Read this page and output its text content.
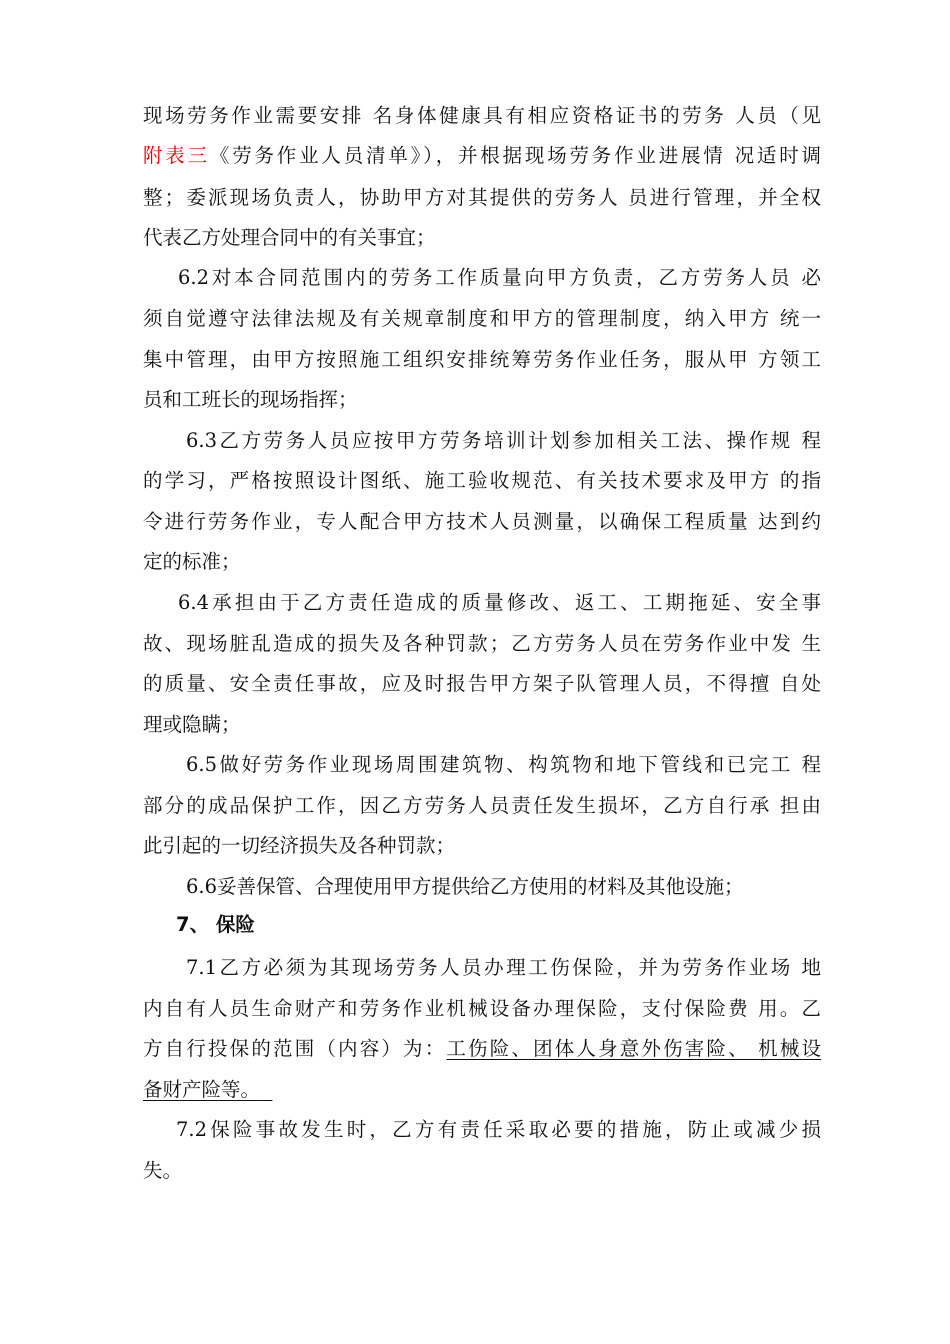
现场劳务作业需要安排 名身体健康具有相应资格证书的劳务 人员（见
附表三《劳务作业人员清单》），并根据现场劳务作业进展情 况适时调
整；委派现场负责人，协助甲方对其提供的劳务人 员进行管理，并全权
代表乙方处理合同中的有关事宜；
6.2对本合同范围内的劳务工作质量向甲方负责，乙方劳务人员 必
须自觉遵守法律法规及有关规章制度和甲方的管理制度，纳入甲方 统一
集中管理，由甲方按照施工组织安排统筹劳务作业任务，服从甲 方领工
员和工班长的现场指挥；
6.3乙方劳务人员应按甲方劳务培训计划参加相关工法、操作规 程
的学习，严格按照设计图纸、施工验收规范、有关技术要求及甲方 的指
令进行劳务作业，专人配合甲方技术人员测量，以确保工程质量 达到约
定的标准；
6.4承担由于乙方责任造成的质量修改、返工、工期拖延、安全事
故、现场脏乱造成的损失及各种罚款；乙方劳务人员在劳务作业中发 生
的质量、安全责任事故，应及时报告甲方架子队管理人员，不得擅 自处
理或隐瞒；
6.5做好劳务作业现场周围建筑物、构筑物和地下管线和已完工 程
部分的成品保护工作，因乙方劳务人员责任发生损坏，乙方自行承 担由
此引起的一切经济损失及各种罚款；
6.6妥善保管、合理使用甲方提供给乙方使用的材料及其他设施；
7、 保险
7.1乙方必须为其现场劳务人员办理工伤保险，并为劳务作业场 地
内自有人员生命财产和劳务作业机械设备办理保险，支付保险费 用。乙
方自行投保的范围（内容）为：工伤险、团体人身意外伤害险、 机械设
备财产险等。
7.2保险事故发生时，乙方有责任采取必要的措施，防止或减少损
失。
